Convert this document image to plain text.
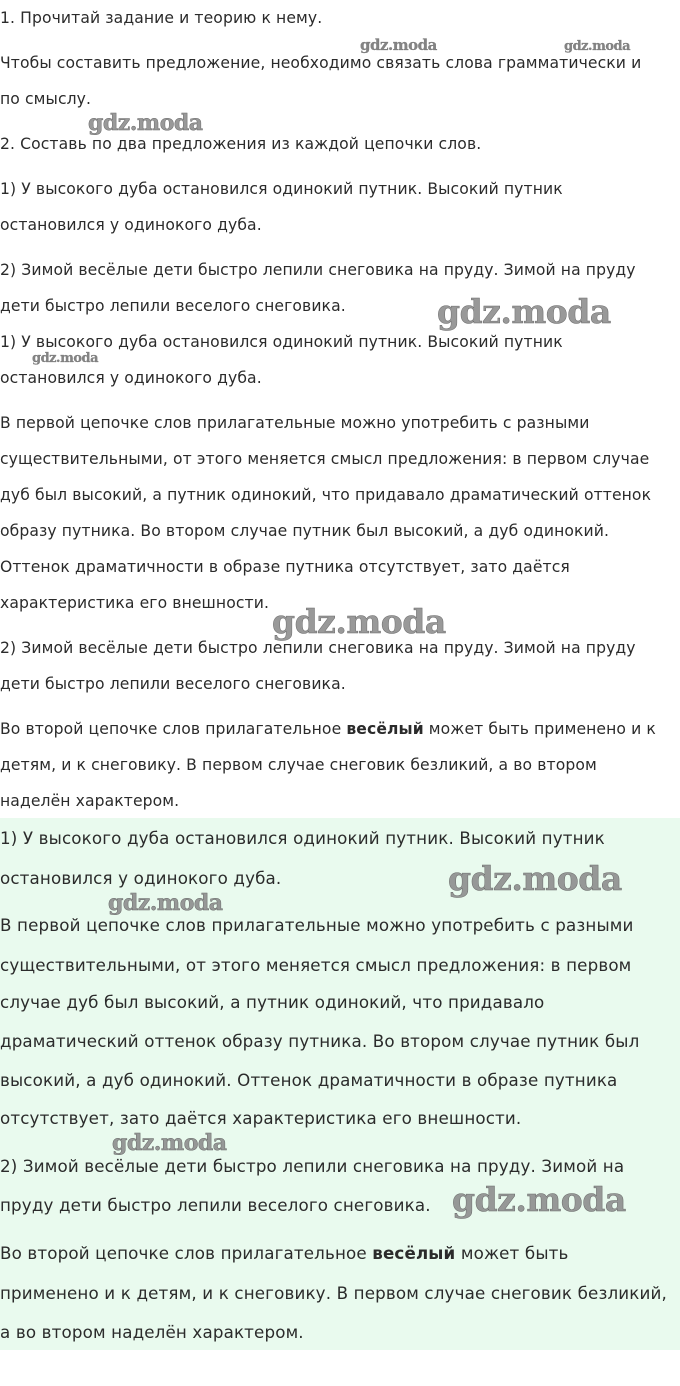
1. Прочитай задание и теорию к нему.

Чтобы составить предложение, необходимо связать слова грамматически и

по смыслу.

2. Составь по два предложения из каждой цепочки слов.

1) У высокого дуба остановился одинокий путник. Высокий путник

остановился у одинокого дуба.

2) Зимой весёлые дети быстро лепили снеговика на пруду. Зимой на пруду

дети быстро лепили веселого снеговика.

1) У высокого дуба остановился одинокий путник. Высокий путник

остановился у одинокого дуба.

В первой цепочке слов прилагательные можно употребить с разными

существительными, от этого меняется смысл предложения: в первом случае

дуб был высокий, а путник одинокий, что придавало драматический оттенок

образу путника. Во втором случае путник был высокий, а дуб одинокий.

Оттенок драматичности в образе путника отсутствует, зато даётся

характеристика его внешности.

2) Зимой весёлые дети быстро лепили снеговика на пруду. Зимой на пруду

дети быстро лепили веселого снеговика.

Во второй цепочке слов прилагательное весёлый может быть применено и к

детям, и к снеговику. В первом случае снеговик безликий, а во втором

наделён характером.

1) У высокого дуба остановился одинокий путник. Высокий путник

остановился у одинокого дуба.

В первой цепочке слов прилагательные можно употребить с разными

существительными, от этого меняется смысл предложения: в первом

случае дуб был высокий, а путник одинокий, что придавало

драматический оттенок образу путника. Во втором случае путник был

высокий, а дуб одинокий. Оттенок драматичности в образе путника

отсутствует, зато даётся характеристика его внешности.

2) Зимой весёлые дети быстро лепили снеговика на пруду. Зимой на

пруду дети быстро лепили веселого снеговика.

Во второй цепочке слов прилагательное весёлый может быть

применено и к детям, и к снеговику. В первом случае снеговик безликий,

а во втором наделён характером.

gdz.moda	gdz.moda
gdz.moda
gdz.moda
gdz.moda
gdz.moda
gdz.moda
gdz.moda
gdz.moda
gdz.moda
